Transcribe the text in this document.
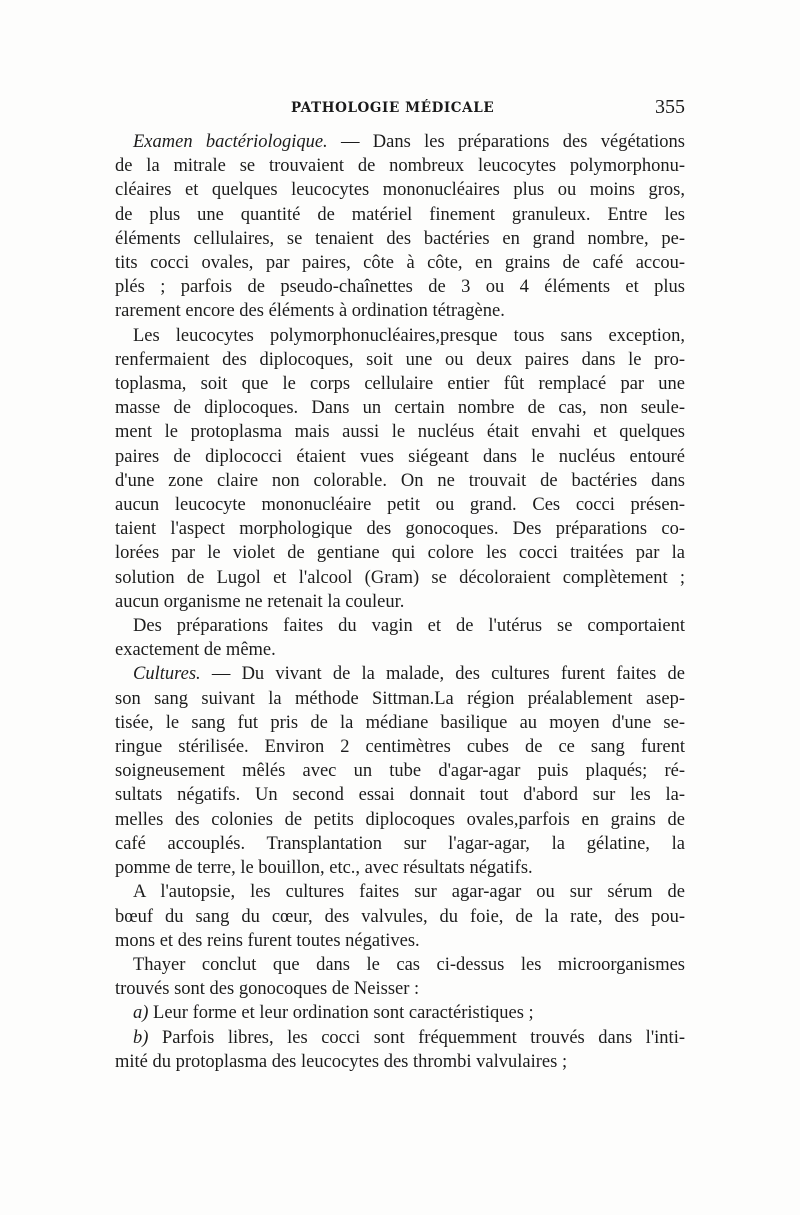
PATHOLOGIE MÉDICALE	355

Examen bactériologique. — Dans les préparations des végétations
de la mitrale se trouvaient de nombreux leucocytes polymorphonu-
cléaires et quelques leucocytes mononucléaires plus ou moins gros,
de plus une quantité de matériel finement granuleux. Entre les
éléments cellulaires, se tenaient des bactéries en grand nombre, pe-
tits cocci ovales, par paires, côte à côte, en grains de café accou-
plés ; parfois de pseudo-chaînettes de 3 ou 4 éléments et plus
rarement encore des éléments à ordination tétragène.

Les leucocytes polymorphonucléaires,presque tous sans exception,
renfermaient des diplocoques, soit une ou deux paires dans le pro-
toplasma, soit que le corps cellulaire entier fût remplacé par une
masse de diplocoques. Dans un certain nombre de cas, non seule-
ment le protoplasma mais aussi le nucléus était envahi et quelques
paires de diplococci étaient vues siégeant dans le nucléus entouré
d'une zone claire non colorable. On ne trouvait de bactéries dans
aucun leucocyte mononucléaire petit ou grand. Ces cocci présen-
taient l'aspect morphologique des gonocoques. Des préparations co-
lorées par le violet de gentiane qui colore les cocci traitées par la
solution de Lugol et l'alcool (Gram) se décoloraient complètement ;
aucun organisme ne retenait la couleur.

Des préparations faites du vagin et de l'utérus se comportaient
exactement de même.

Cultures. — Du vivant de la malade, des cultures furent faites de
son sang suivant la méthode Sittman.La région préalablement asep-
tisée, le sang fut pris de la médiane basilique au moyen d'une se-
ringue stérilisée. Environ 2 centimètres cubes de ce sang furent
soigneusement mêlés avec un tube d'agar-agar puis plaqués; ré-
sultats négatifs. Un second essai donnait tout d'abord sur les la-
melles des colonies de petits diplocoques ovales,parfois en grains de
café accouplés. Transplantation sur l'agar-agar, la gélatine, la
pomme de terre, le bouillon, etc., avec résultats négatifs.

A l'autopsie, les cultures faites sur agar-agar ou sur sérum de
bœuf du sang du cœur, des valvules, du foie, de la rate, des pou-
mons et des reins furent toutes négatives.

Thayer conclut que dans le cas ci-dessus les microorganismes
trouvés sont des gonocoques de Neisser :

a) Leur forme et leur ordination sont caractéristiques ;

b) Parfois libres, les cocci sont fréquemment trouvés dans l'inti-
mité du protoplasma des leucocytes des thrombi valvulaires ;
